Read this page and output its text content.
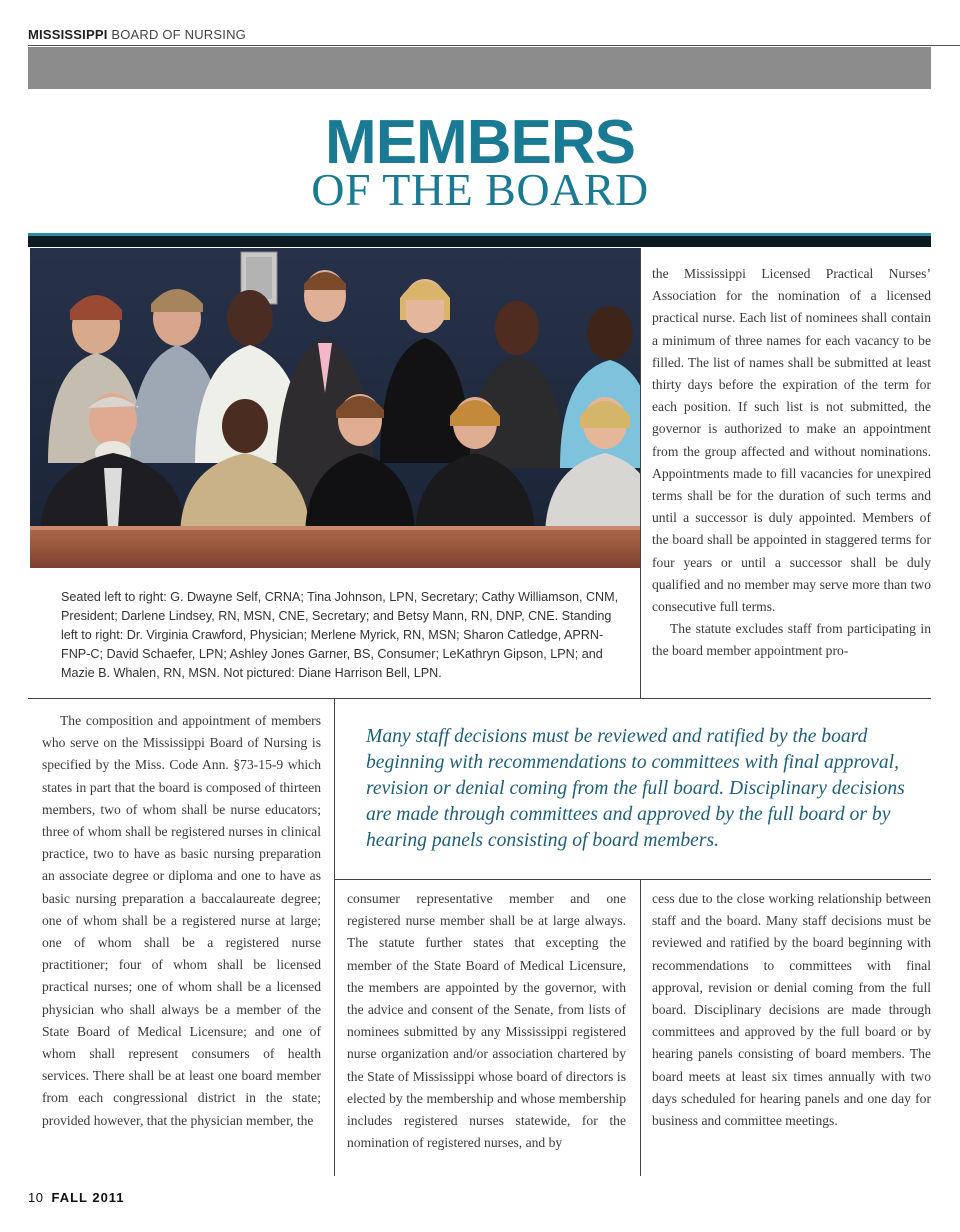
MISSISSIPPI BOARD OF NURSING
MEMBERS
OF THE BOARD
Seated left to right: G. Dwayne Self, CRNA; Tina Johnson, LPN, Secretary; Cathy Williamson, CNM, President; Darlene Lindsey, RN, MSN, CNE, Secretary; and Betsy Mann, RN, DNP, CNE. Standing left to right: Dr. Virginia Crawford, Physician; Merlene Myrick, RN, MSN; Sharon Catledge, APRN-FNP-C; David Schaefer, LPN; Ashley Jones Garner, BS, Consumer; LeKathryn Gipson, LPN; and Mazie B. Whalen, RN, MSN. Not pictured: Diane Harrison Bell, LPN.

the Mississippi Licensed Practical Nurses’ Association for the nomination of a licensed practical nurse. Each list of nominees shall contain a minimum of three names for each vacancy to be filled. The list of names shall be submitted at least thirty days before the expiration of the term for each position. If such list is not submitted, the governor is authorized to make an appointment from the group affected and without nominations. Appointments made to fill vacancies for unexpired terms shall be for the duration of such terms and until a successor is duly appointed. Members of the board shall be appointed in staggered terms for four years or until a successor shall be duly qualified and no member may serve more than two consecutive full terms.

The statute excludes staff from participating in the board member appointment pro-

The composition and appointment of members who serve on the Mississippi Board of Nursing is specified by the Miss. Code Ann. §73-15-9 which states in part that the board is composed of thirteen members, two of whom shall be nurse educators; three of whom shall be registered nurses in clinical practice, two to have as basic nursing preparation an associate degree or diploma and one to have as basic nursing preparation a baccalaureate degree; one of whom shall be a registered nurse at large; one of whom shall be a registered nurse practitioner; four of whom shall be licensed practical nurses; one of whom shall be a licensed physician who shall always be a member of the State Board of Medical Licensure; and one of whom shall represent consumers of health services. There shall be at least one board member from each congressional district in the state; provided however, that the physician member, the

Many staff decisions must be reviewed and ratified by the board beginning with recommendations to committees with final approval, revision or denial coming from the full board. Disciplinary decisions are made through committees and approved by the full board or by hearing panels consisting of board members.

consumer representative member and one registered nurse member shall be at large always. The statute further states that excepting the member of the State Board of Medical Licensure, the members are appointed by the governor, with the advice and consent of the Senate, from lists of nominees submitted by any Mississippi registered nurse organization and/or association chartered by the State of Mississippi whose board of directors is elected by the membership and whose membership includes registered nurses statewide, for the nomination of registered nurses, and by

cess due to the close working relationship between staff and the board. Many staff decisions must be reviewed and ratified by the board beginning with recommendations to committees with final approval, revision or denial coming from the full board. Disciplinary decisions are made through committees and approved by the full board or by hearing panels consisting of board members. The board meets at least six times annually with two days scheduled for hearing panels and one day for business and committee meetings.

10 FALL 2011
